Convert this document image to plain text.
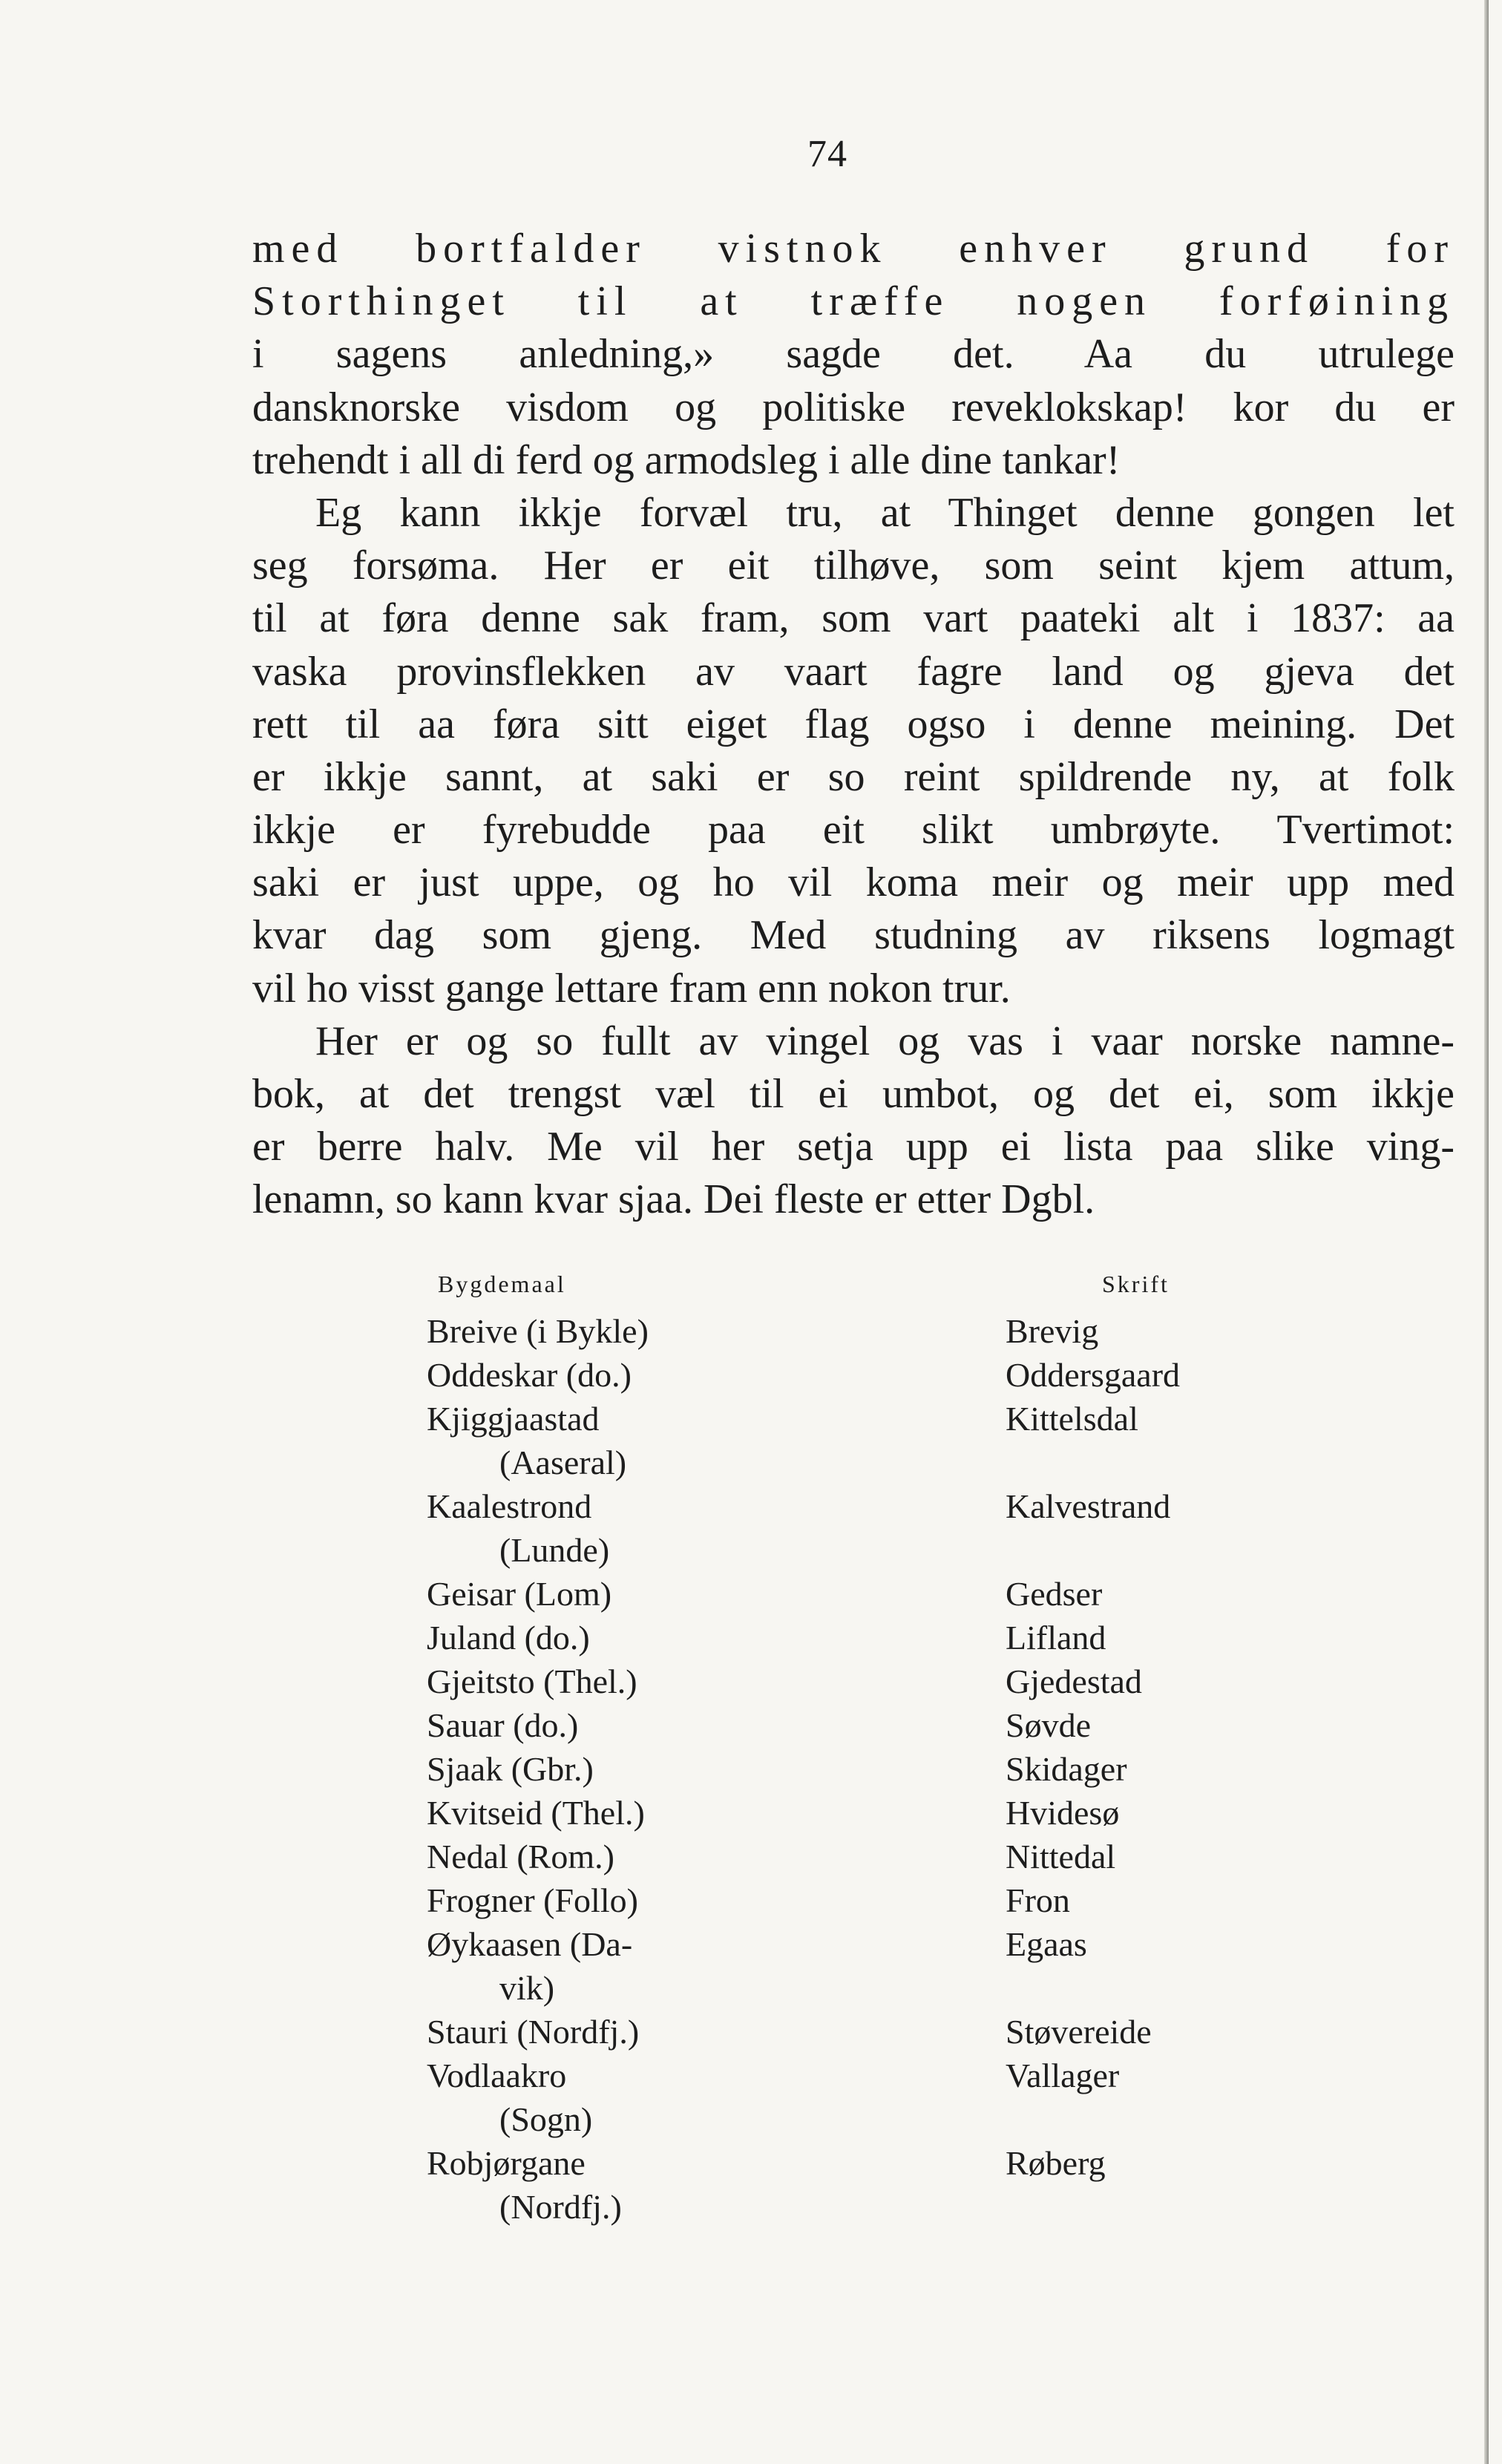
74
med bortfalder vistnok enhver grund for
Storthinget til at træffe nogen forføining
i sagens anledning,» sagde det. Aa du utrulege
dansknorske visdom og politiske reveklokskap! kor du er
trehendt i all di ferd og armodsleg i alle dine tankar!
Eg kann ikkje forvæl tru, at Thinget denne gongen let
seg forsøma. Her er eit tilhøve, som seint kjem attum,
til at føra denne sak fram, som vart paateki alt i 1837: aa
vaska provinsflekken av vaart fagre land og gjeva det
rett til aa føra sitt eiget flag ogso i denne meining. Det
er ikkje sannt, at saki er so reint spildrende ny, at folk
ikkje er fyrebudde paa eit slikt umbrøyte. Tvertimot:
saki er just uppe, og ho vil koma meir og meir upp med
kvar dag som gjeng. Med studning av riksens logmagt
vil ho visst gange lettare fram enn nokon trur.
Her er og so fullt av vingel og vas i vaar norske namne-
bok, at det trengst væl til ei umbot, og det ei, som ikkje
er berre halv. Me vil her setja upp ei lista paa slike ving-
lenamn, so kann kvar sjaa. Dei fleste er etter Dgbl.
Bygdemaal	Skrift
Breive (i Bykle)	Brevig
Oddeskar (do.)	Oddersgaard
Kjiggjaastad	Kittelsdal
(Aaseral)
Kaalestrond	Kalvestrand
(Lunde)
Geisar (Lom)	Gedser
Juland (do.)	Lifland
Gjeitsto (Thel.)	Gjedestad
Sauar (do.)	Søvde
Sjaak (Gbr.)	Skidager
Kvitseid (Thel.)	Hvidesø
Nedal (Rom.)	Nittedal
Frogner (Follo)	Fron
Øykaasen (Da-	Egaas
vik)
Stauri (Nordfj.)	Støvereide
Vodlaakro	Vallager
(Sogn)
Robjørgane	Røberg
(Nordfj.)
